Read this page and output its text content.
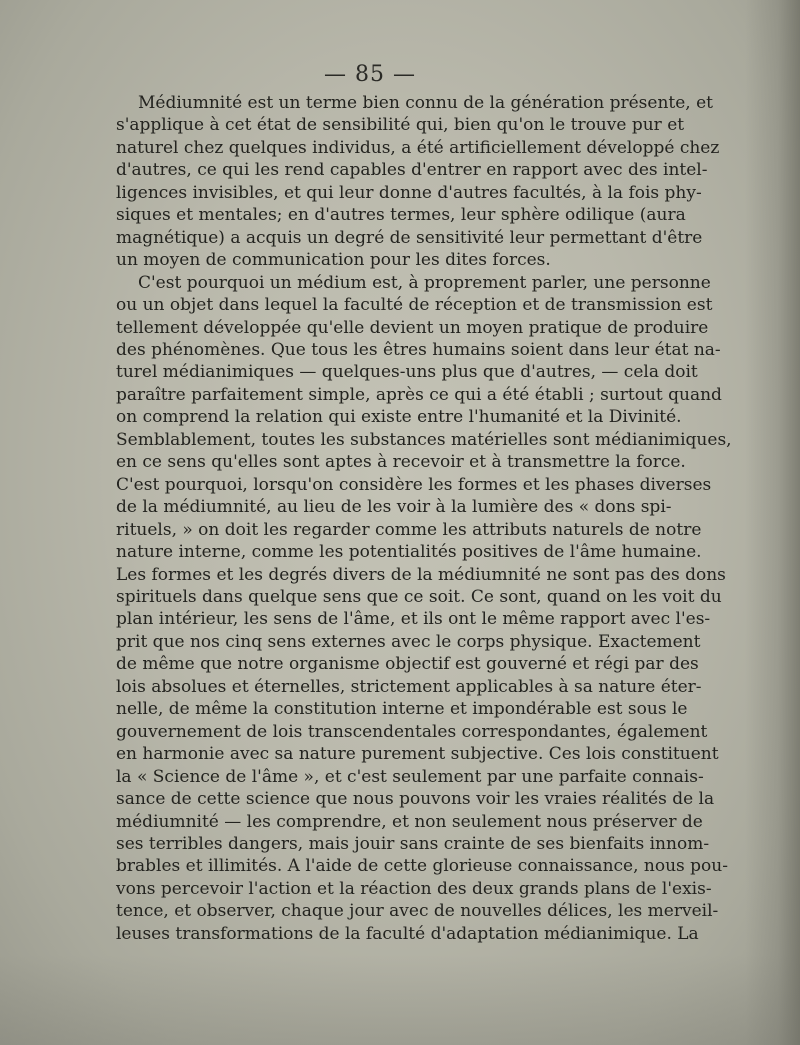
— 85 —

Médiumnité est un terme bien connu de la génération présente, et

s'applique à cet état de sensibilité qui, bien qu'on le trouve pur et

naturel chez quelques individus, a été artificiellement développé chez

d'autres, ce qui les rend capables d'entrer en rapport avec des intel-

ligences invisibles, et qui leur donne d'autres facultés, à la fois phy-

siques et mentales; en d'autres termes, leur sphère odilique (aura

magnétique) a acquis un degré de sensitivité leur permettant d'être

un moyen de communication pour les dites forces.

C'est pourquoi un médium est, à proprement parler, une personne

ou un objet dans lequel la faculté de réception et de transmission est

tellement développée qu'elle devient un moyen pratique de produire

des phénomènes. Que tous les êtres humains soient dans leur état na-

turel médianimiques — quelques-uns plus que d'autres, — cela doit

paraître parfaitement simple, après ce qui a été établi ; surtout quand

on comprend la relation qui existe entre l'humanité et la Divinité.

Semblablement, toutes les substances matérielles sont médianimiques,

en ce sens qu'elles sont aptes à recevoir et à transmettre la force.

C'est pourquoi, lorsqu'on considère les formes et les phases diverses

de la médiumnité, au lieu de les voir à la lumière des « dons spi-

rituels, » on doit les regarder comme les attributs naturels de notre

nature interne, comme les potentialités positives de l'âme humaine.

Les formes et les degrés divers de la médiumnité ne sont pas des dons

spirituels dans quelque sens que ce soit. Ce sont, quand on les voit du

plan intérieur, les sens de l'âme, et ils ont le même rapport avec l'es-

prit que nos cinq sens externes avec le corps physique. Exactement

de même que notre organisme objectif est gouverné et régi par des

lois absolues et éternelles, strictement applicables à sa nature éter-

nelle, de même la constitution interne et impondérable est sous le

gouvernement de lois transcendentales correspondantes, également

en harmonie avec sa nature purement subjective. Ces lois constituent

la « Science de l'âme », et c'est seulement par une parfaite connais-

sance de cette science que nous pouvons voir les vraies réalités de la

médiumnité — les comprendre, et non seulement nous préserver de

ses terribles dangers, mais jouir sans crainte de ses bienfaits innom-

brables et illimités. A l'aide de cette glorieuse connaissance, nous pou-

vons percevoir l'action et la réaction des deux grands plans de l'exis-

tence, et observer, chaque jour avec de nouvelles délices, les merveil-

leuses transformations de la faculté d'adaptation médianimique. La
